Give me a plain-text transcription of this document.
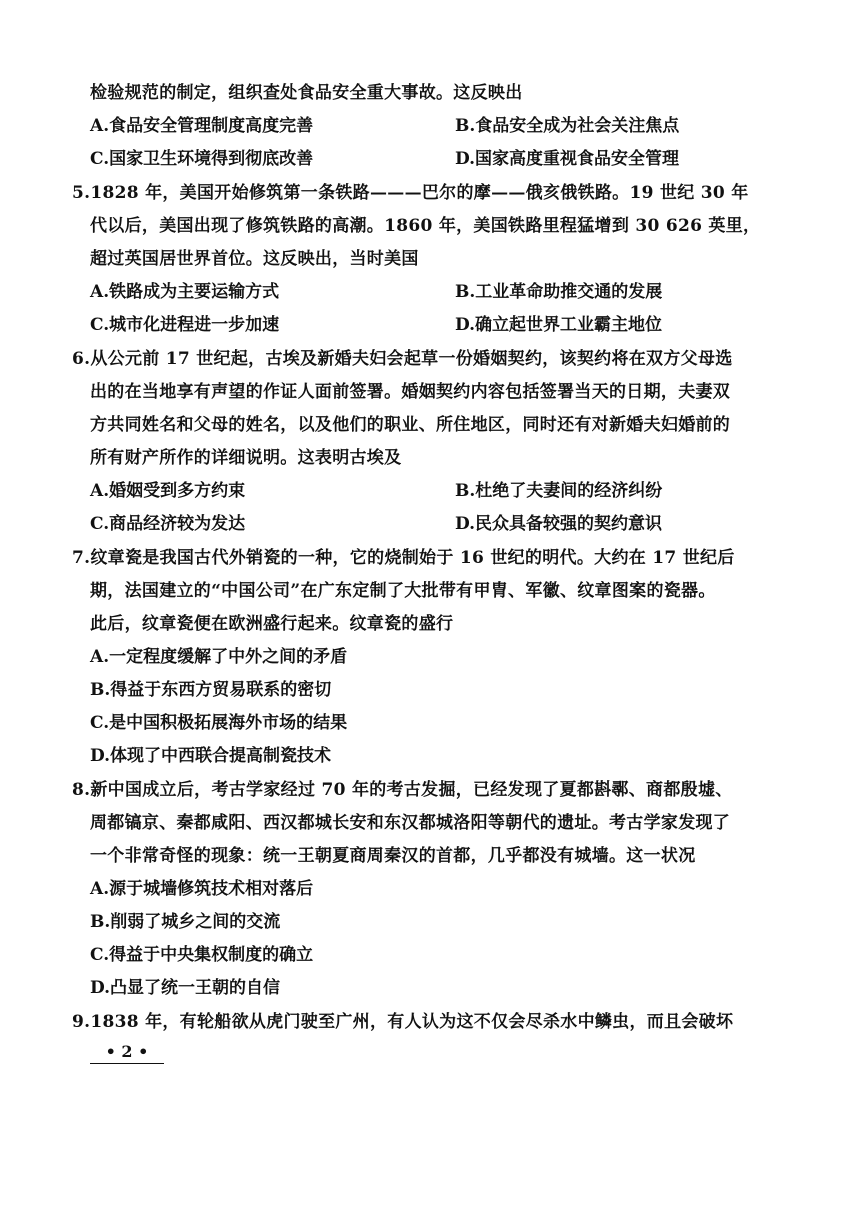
检验规范的制定，组织查处食品安全重大事故。这反映出
A.食品安全管理制度高度完善	B.食品安全成为社会关注焦点
C.国家卫生环境得到彻底改善	D.国家高度重视食品安全管理
5.1828 年，美国开始修筑第一条铁路———巴尔的摩——俄亥俄铁路。19 世纪 30 年
代以后，美国出现了修筑铁路的高潮。1860 年，美国铁路里程猛增到 30 626 英里，
超过英国居世界首位。这反映出，当时美国
A.铁路成为主要运输方式	B.工业革命助推交通的发展
C.城市化进程进一步加速	D.确立起世界工业霸主地位
6.从公元前 17 世纪起，古埃及新婚夫妇会起草一份婚姻契约，该契约将在双方父母选
出的在当地享有声望的作证人面前签署。婚姻契约内容包括签署当天的日期，夫妻双
方共同姓名和父母的姓名，以及他们的职业、所住地区，同时还有对新婚夫妇婚前的
所有财产所作的详细说明。这表明古埃及
A.婚姻受到多方约束	B.杜绝了夫妻间的经济纠纷
C.商品经济较为发达	D.民众具备较强的契约意识
7.纹章瓷是我国古代外销瓷的一种，它的烧制始于 16 世纪的明代。大约在 17 世纪后
期，法国建立的“中国公司”在广东定制了大批带有甲胄、军徽、纹章图案的瓷器。
此后，纹章瓷便在欧洲盛行起来。纹章瓷的盛行
A.一定程度缓解了中外之间的矛盾
B.得益于东西方贸易联系的密切
C.是中国积极拓展海外市场的结果
D.体现了中西联合提高制瓷技术
8.新中国成立后，考古学家经过 70 年的考古发掘，已经发现了夏都斟鄩、商都殷墟、
周都镐京、秦都咸阳、西汉都城长安和东汉都城洛阳等朝代的遗址。考古学家发现了
一个非常奇怪的现象：统一王朝夏商周秦汉的首都，几乎都没有城墙。这一状况
A.源于城墙修筑技术相对落后
B.削弱了城乡之间的交流
C.得益于中央集权制度的确立
D.凸显了统一王朝的自信
9.1838 年，有轮船欲从虎门驶至广州，有人认为这不仅会尽杀水中鳞虫，而且会破坏
• 2 •
